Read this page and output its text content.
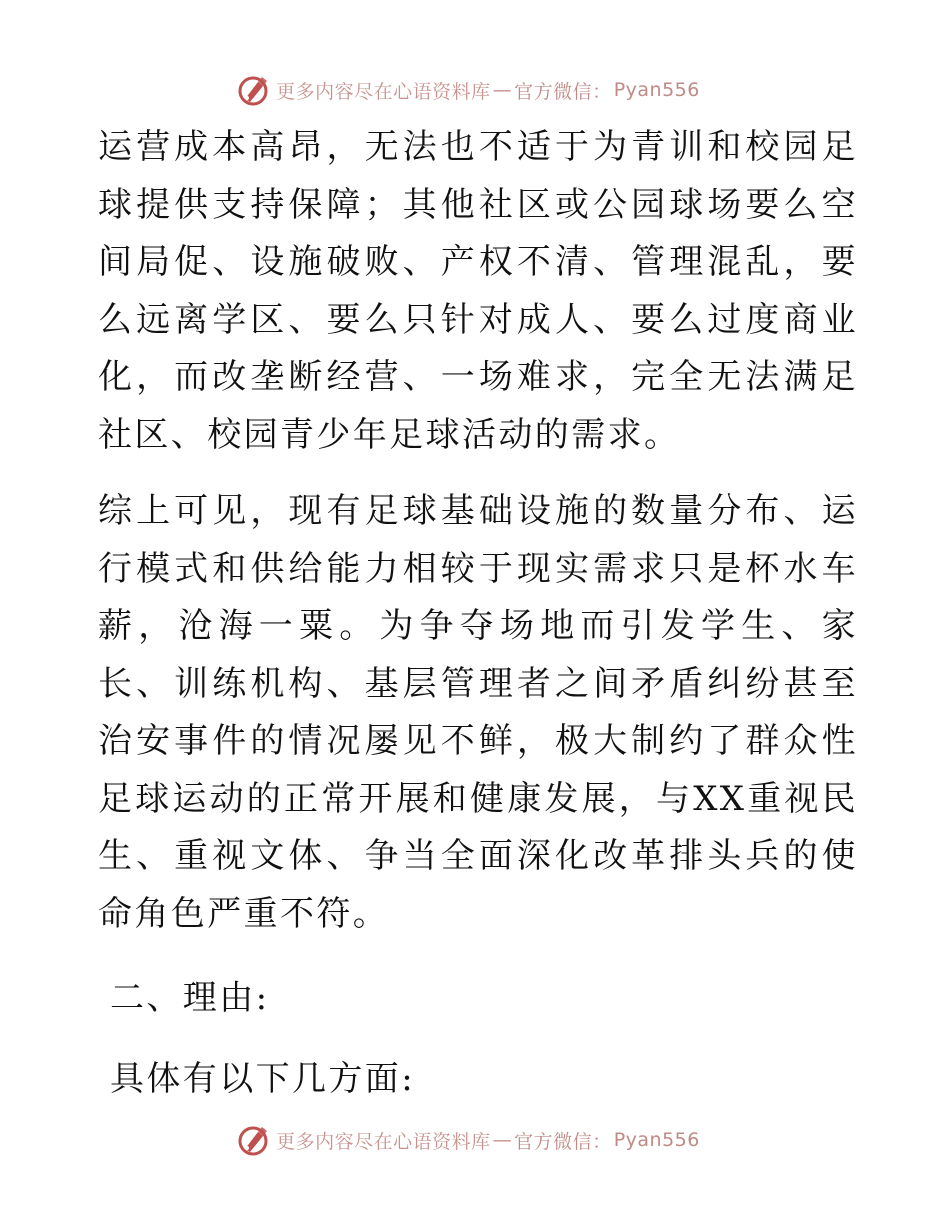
更多内容尽在心语资料库 — 官方微信： Pyan556

运营成本高昂，无法也不适于为青训和校园足球提供支持保障；其他社区或公园球场要么空间局促、设施破败、产权不清、管理混乱，要么远离学区、要么只针对成人、要么过度商业化，而改垄断经营、一场难求，完全无法满足社区、校园青少年足球活动的需求。

综上可见，现有足球基础设施的数量分布、运行模式和供给能力相较于现实需求只是杯水车薪，沧海一粟。为争夺场地而引发学生、家长、训练机构、基层管理者之间矛盾纠纷甚至治安事件的情况屡见不鲜，极大制约了群众性足球运动的正常开展和健康发展，与XX重视民生、重视文体、争当全面深化改革排头兵的使命角色严重不符。

二、理由:

具体有以下几方面:

更多内容尽在心语资料库 — 官方微信： Pyan556
